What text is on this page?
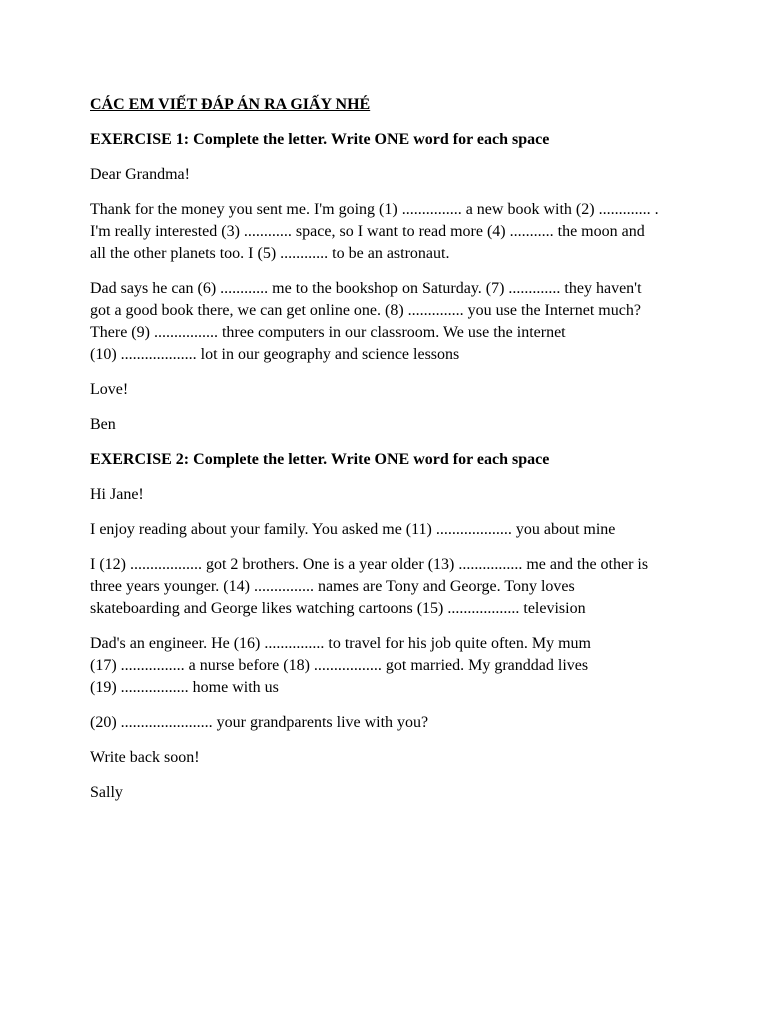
CÁC EM VIẾT ĐÁP ÁN RA GIẤY NHÉ

EXERCISE 1: Complete the letter. Write ONE word for each space

Dear Grandma!

Thank for the money you sent me. I'm going (1) ............... a new book with (2) ............. .
I'm really interested (3) ............ space, so I want to read more (4) ........... the moon and
all the other planets too. I (5) ............ to be an astronaut.

Dad says he can (6) ............ me to the bookshop on Saturday. (7) ............. they haven't
got a good book there, we can get online one. (8) .............. you use the Internet much?
There (9) ................ three computers in our classroom. We use the internet
(10) ................... lot in our geography and science lessons

Love!

Ben

EXERCISE 2: Complete the letter. Write ONE word for each space

Hi Jane!

I enjoy reading about your family. You asked me (11) ................... you about mine

I (12) .................. got 2 brothers. One is a year older (13) ................ me and the other is
three years younger. (14) ............... names are Tony and George. Tony loves
skateboarding and George likes watching cartoons (15) .................. television

Dad's an engineer. He (16) ............... to travel for his job quite often. My mum
(17) ................ a nurse before (18) ................. got married. My granddad lives
(19) ................. home with us

(20) ....................... your grandparents live with you?

Write back soon!

Sally
